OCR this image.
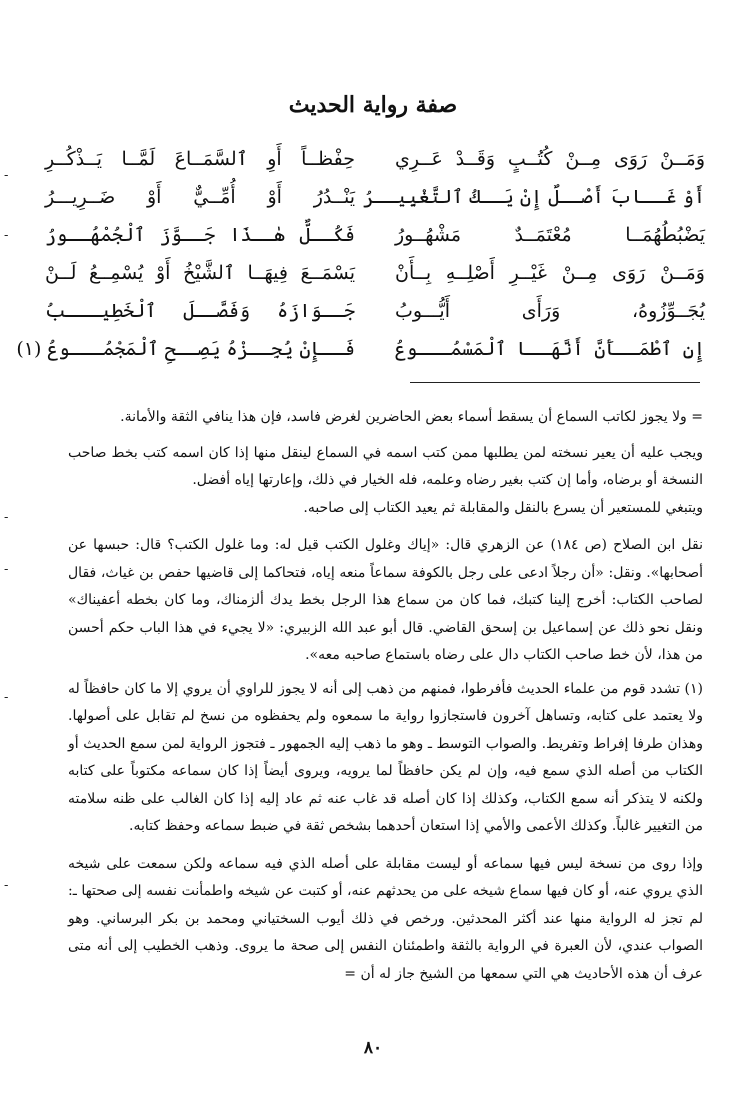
صفة رواية الحديث
وَمَــنْ رَوَى مِــنْ كُتُــبٍ وَقَــدْ عَــرِي
حِفْظــاً أَوِ ٱلسَّمَــاعَ لَمَّــا يَــذْكُــرِ
أَوْ غَــابَ أَصْــلٌ إِنْ يَــكُ ٱلتَّغْيِيــرُ
يَنْــدُرُ أَوْ أُمِّــيٌّ أَوْ ضَــرِيـــرُ
يَضْبُطُهُمَــا مُعْتَمَــدٌ مَشْهُــورُ
فَكُــلٌّ هٰــذَا جَــوَّزَ ٱلْجُمْهُــورُ
وَمَــنْ رَوَى مِــنْ غَيْــرِ أَصْلِــهِ بِــأَنْ
يَسْمَــعَ فِيهَــا ٱلشَّيْخُ أَوْ يُسْمِــعُ لَــنْ
يُجَــوِّزُوهُ، وَرَأَى أَيُّـــوبُ
جَــوَازَهُ وَفَصَّــلَ ٱلْخَطِيـــبُ
إِنِ ٱطْمَــأَنَّ أَنَّهَــا ٱلْمَسْمُـــوعُ
فَــإِنْ يُجِــزْهُ يَصِــحِ ٱلْمَجْمُـــوعُ (١)

= ولا يجوز لكاتب السماع أن يسقط أسماء بعض الحاضرين لغرض فاسد، فإن هذا ينافي الثقة والأمانة.

ويجب عليه أن يعير نسخته لمن يطلبها ممن كتب اسمه في السماع لينقل منها إذا كان اسمه كتب بخط صاحب النسخة أو برضاه، وأما إن كتب بغير رضاه وعلمه، فله الخيار في ذلك، وإعارتها إياه أفضل.

ويتبغي للمستعير أن يسرع بالنقل والمقابلة ثم يعيد الكتاب إلى صاحبه.

نقل ابن الصلاح (ص ١٨٤) عن الزهري قال: «إياك وغلول الكتب قيل له: وما غلول الكتب؟ قال: حبسها عن أصحابها». ونقل: «أن رجلاً ادعى على رجل بالكوفة سماعاً منعه إياه، فتحاكما إلى قاضيها حفص بن غياث، فقال لصاحب الكتاب: أخرج إلينا كتبك، فما كان من سماع هذا الرجل بخط يدك ألزمناك، وما كان بخطه أعفيناك» ونقل نحو ذلك عن إسماعيل بن إسحق القاضي. قال أبو عبد الله الزبيري: «لا يجيء في هذا الباب حكم أحسن من هذا، لأن خط صاحب الكتاب دال على رضاه باستماع صاحبه معه».

(١) تشدد قوم من علماء الحديث فأفرطوا، فمنهم من ذهب إلى أنه لا يجوز للراوي أن يروي إلا ما كان حافظاً له ولا يعتمد على كتابه، وتساهل آخرون فاستجازوا رواية ما سمعوه ولم يحفظوه من نسخ لم تقابل على أصولها. وهذان طرفا إفراط وتفريط. والصواب التوسط ـ وهو ما ذهب إليه الجمهور ـ فتجوز الرواية لمن سمع الحديث أو الكتاب من أصله الذي سمع فيه، وإن لم يكن حافظاً لما يرويه، ويروى أيضاً إذا كان سماعه مكتوباً على كتابه ولكنه لا يتذكر أنه سمع الكتاب، وكذلك إذا كان أصله قد غاب عنه ثم عاد إليه إذا كان الغالب على ظنه سلامته من التغيير غالباً. وكذلك الأعمى والأمي إذا استعان أحدهما بشخص ثقة في ضبط سماعه وحفظ كتابه.

وإذا روى من نسخة ليس فيها سماعه أو ليست مقابلة على أصله الذي فيه سماعه ولكن سمعت على شيخه الذي يروي عنه، أو كان فيها سماع شيخه على من يحدثهم عنه، أو كتبت عن شيخه واطمأنت نفسه إلى صحتها ـ: لم تجز له الرواية منها عند أكثر المحدثين. ورخص في ذلك أيوب السختياني ومحمد بن بكر البرساني. وهو الصواب عندي، لأن العبرة في الرواية بالثقة واطمئنان النفس إلى صحة ما يروى. وذهب الخطيب إلى أنه متى عرف أن هذه الأحاديث هي التي سمعها من الشيخ جاز له أن =

٨٠
-
-
-
-
-
-
